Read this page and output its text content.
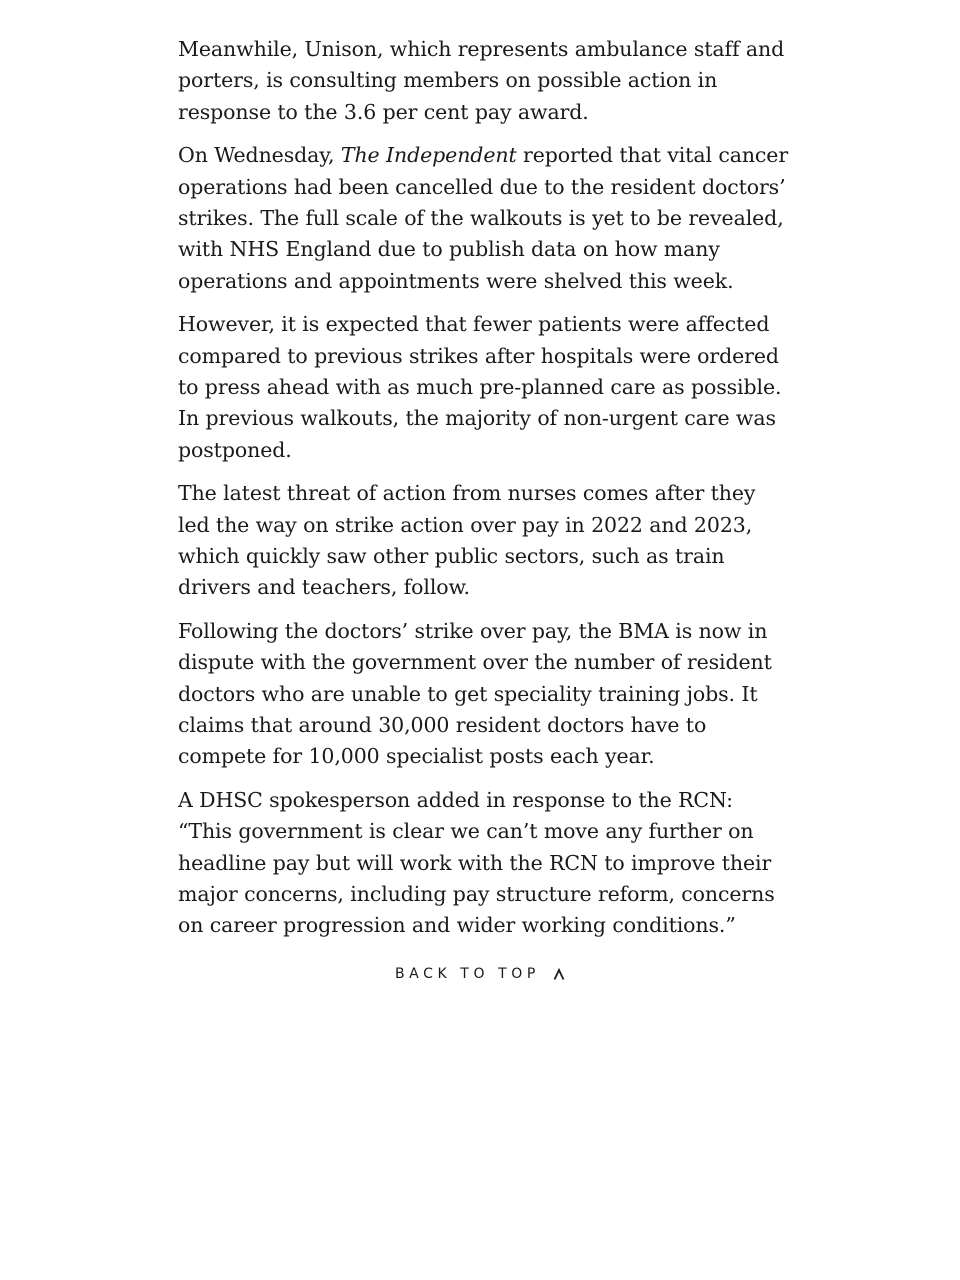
Meanwhile, Unison, which represents ambulance staff and porters, is consulting members on possible action in response to the 3.6 per cent pay award.

On Wednesday, The Independent reported that vital cancer operations had been cancelled due to the resident doctors’ strikes. The full scale of the walkouts is yet to be revealed, with NHS England due to publish data on how many operations and appointments were shelved this week.

However, it is expected that fewer patients were affected compared to previous strikes after hospitals were ordered to press ahead with as much pre-planned care as possible. In previous walkouts, the majority of non-urgent care was postponed.

The latest threat of action from nurses comes after they led the way on strike action over pay in 2022 and 2023, which quickly saw other public sectors, such as train drivers and teachers, follow.

Following the doctors’ strike over pay, the BMA is now in dispute with the government over the number of resident doctors who are unable to get speciality training jobs. It claims that around 30,000 resident doctors have to compete for 10,000 specialist posts each year.

A DHSC spokesperson added in response to the RCN: “This government is clear we can’t move any further on headline pay but will work with the RCN to improve their major concerns, including pay structure reform, concerns on career progression and wider working conditions.”

BACK TO TOP
